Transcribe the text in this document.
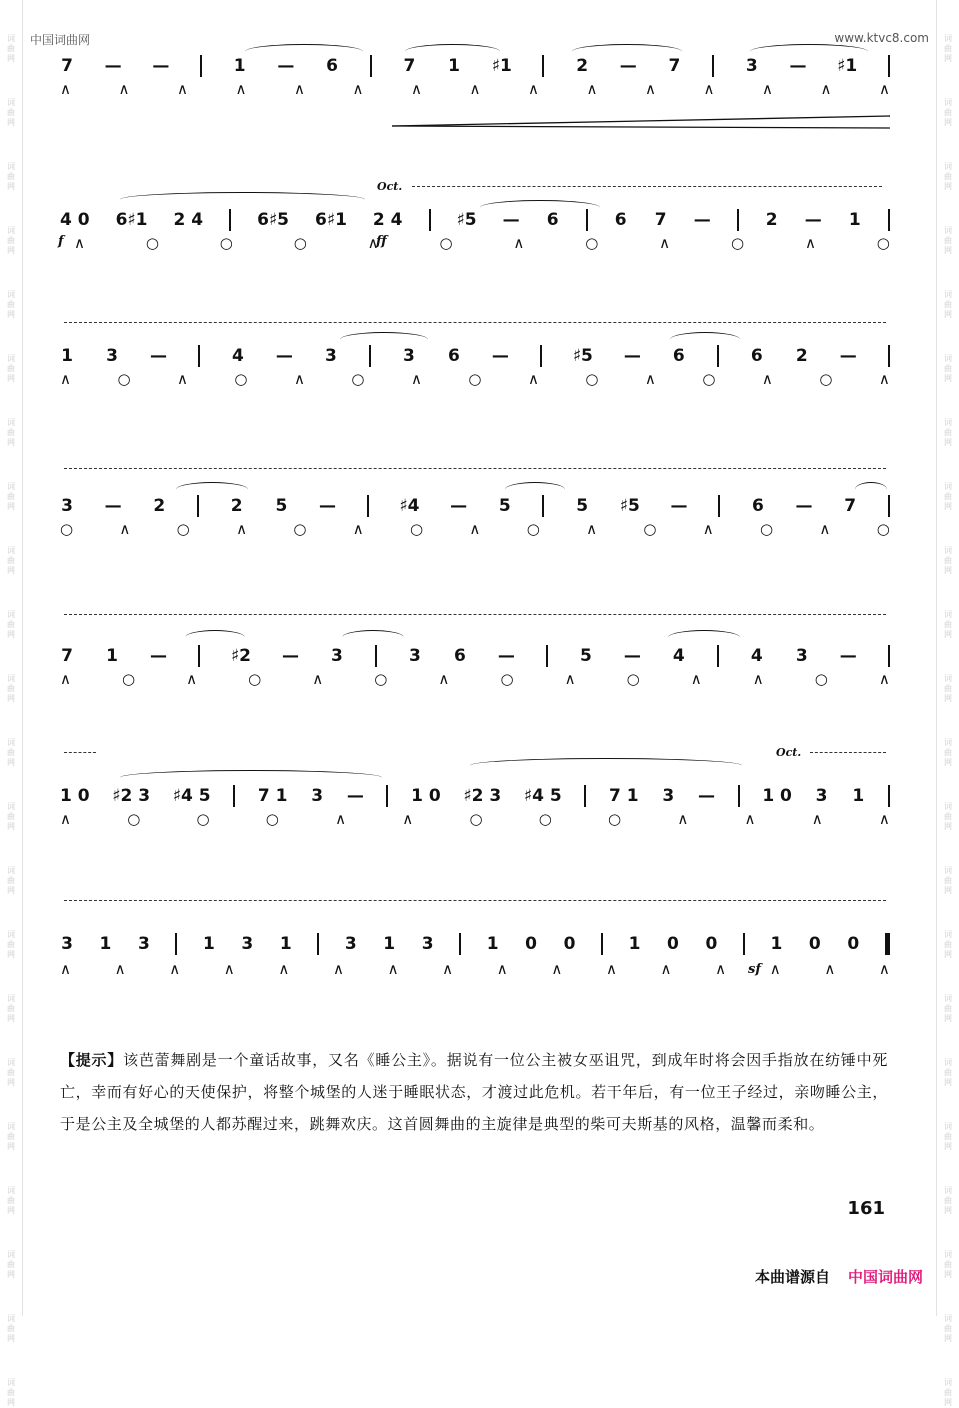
词
曲
网
词
曲
网
词
曲
网
词
曲
网
词
曲
网
词
曲
网
词
曲
网
词
曲
网
词
曲
网
词
曲
网
词
曲
网
词
曲
网
词
曲
网
词
曲
网
词
曲
网
词
曲
网
词
曲
网
词
曲
网
词
曲
网
词
曲
网
词
曲
网
词
曲
网
词
曲
网
词
曲
网
词
曲
网
词
曲
网
词
曲
网
词
曲
网
词
曲
网
词
曲
网
词
曲
网
词
曲
网
词
曲
网
词
曲
网
词
曲
网
词
曲
网
词
曲
网
词
曲
网
词
曲
网
词
曲
网
词
曲
网
词
曲
网
词
曲
网
词
曲
网
中国词曲网	www.ktvc8.com
7 — —	1 — 6	7 1 ♯1	2 — 7	3 — ♯1
∧	∧	∧	∧	∧	∧	∧	∧	∧	∧	∧	∧	∧	∧	∧
Oct.
f	ff
4 0 6♯1 2 4	6♯5 6♯1 2 4	♯5 — 6	6 7 —	2 — 1
∧	○	○	○	∧	○	∧	○	∧	○	∧	○
1 3 —	4 — 3	3 6 —	♯5 — 6	6 2 —
∧	○	∧	○	∧	○	∧	○	∧	○	∧	○	∧	○	∧
3 — 2	2 5 —	♯4 — 5	5 ♯5 —	6 — 7
○	∧	○	∧	○	∧	○	∧	○	∧	○	∧	○	∧	○
7 1 —	♯2 — 3	3 6 —	5 — 4	4 3 —
∧	○	∧	○	∧	○	∧	○	∧	○	∧	∧	○	∧
Oct.
1 0 ♯2 3 ♯4 5	7 1 3 —	1 0 ♯2 3 ♯4 5	7 1 3 —	1 0 3 1
∧	○	○	○	∧	∧	○	○	○	∧	∧	∧	∧
sf
3 1 3	1 3 1	3 1 3	1 0 0	1 0 0	1 0 0
∧	∧	∧	∧	∧	∧	∧	∧	∧	∧	∧	∧	∧	∧	∧	∧
【提示】该芭蕾舞剧是一个童话故事，又名《睡公主》。据说有一位公主被女巫诅咒，到成年时将会因手指放在纺锤中死亡，幸而有好心的天使保护，将整个城堡的人迷于睡眠状态，才渡过此危机。若干年后，有一位王子经过，亲吻睡公主，于是公主及全城堡的人都苏醒过来，跳舞欢庆。这首圆舞曲的主旋律是典型的柴可夫斯基的风格，温馨而柔和。
161
本曲谱源自 中国词曲网
